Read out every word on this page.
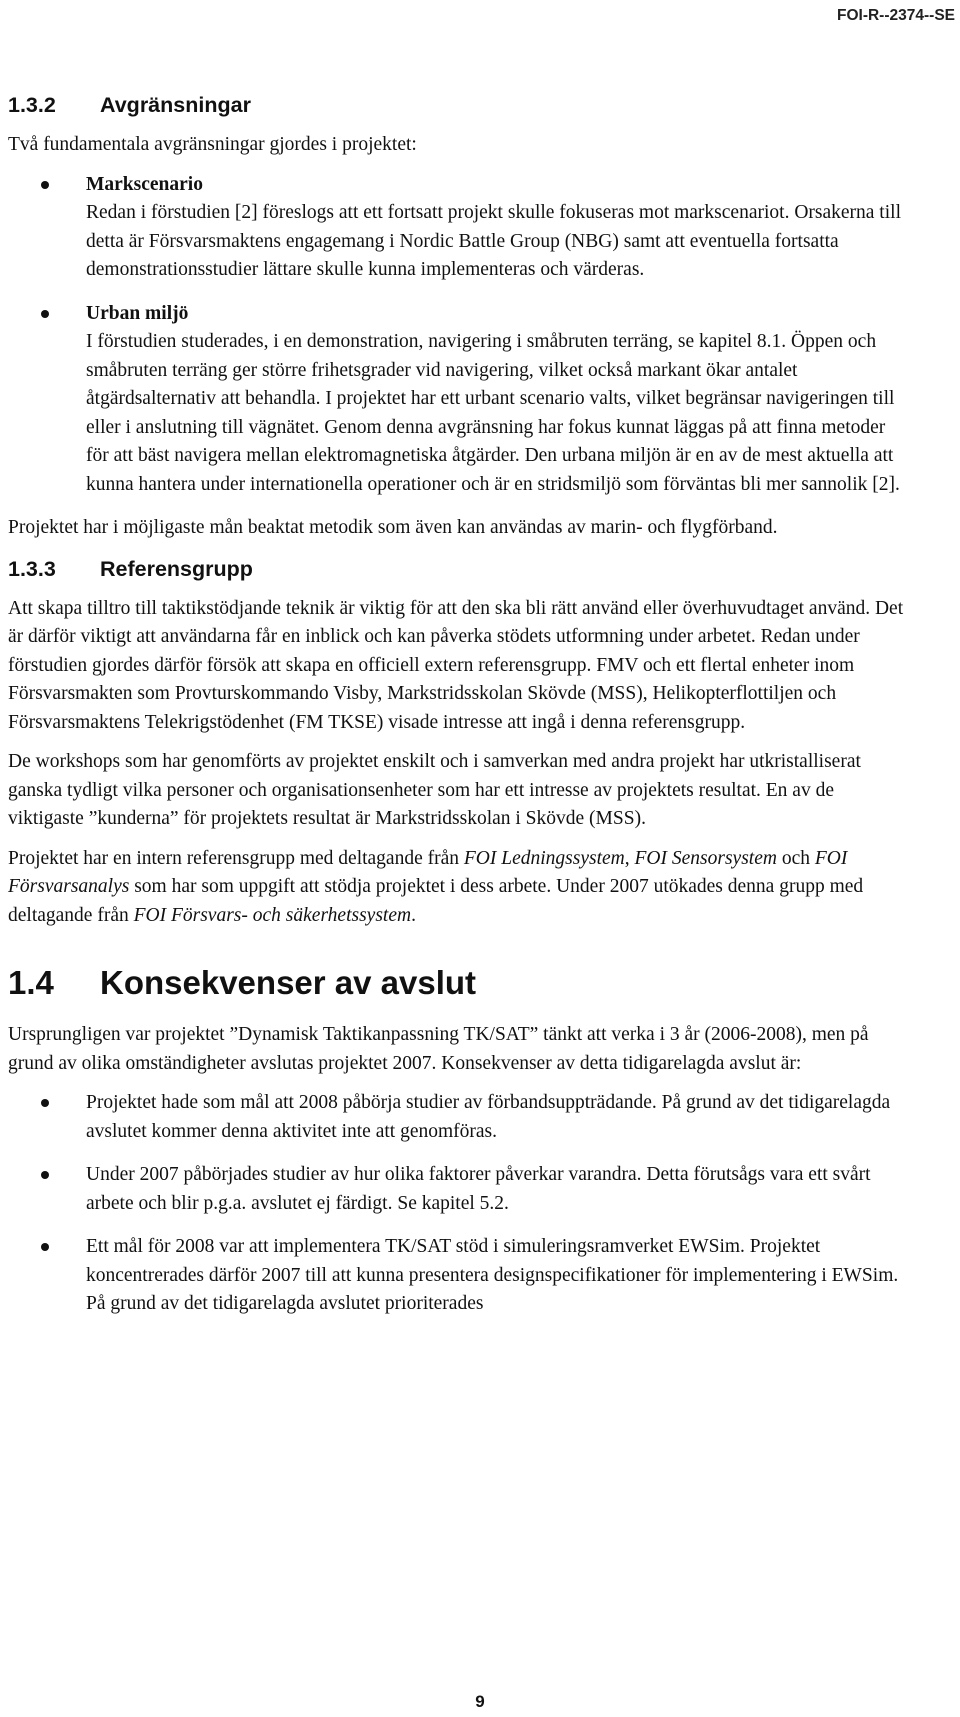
FOI-R--2374--SE
1.3.2	Avgränsningar

Två fundamentala avgränsningar gjordes i projektet:

Markscenario
Redan i förstudien [2] föreslogs att ett fortsatt projekt skulle fokuseras mot markscenariot. Orsakerna till detta är Försvarsmaktens engagemang i Nordic Battle Group (NBG) samt att eventuella fortsatta demonstrationsstudier lättare skulle kunna implementeras och värderas.
Urban miljö
I förstudien studerades, i en demonstration, navigering i småbruten terräng, se kapitel 8.1. Öppen och småbruten terräng ger större frihetsgrader vid navigering, vilket också markant ökar antalet åtgärdsalternativ att behandla. I projektet har ett urbant scenario valts, vilket begränsar navigeringen till eller i anslutning till vägnätet. Genom denna avgränsning har fokus kunnat läggas på att finna metoder för att bäst navigera mellan elektromagnetiska åtgärder. Den urbana miljön är en av de mest aktuella att kunna hantera under internationella operationer och är en stridsmiljö som förväntas bli mer sannolik [2].

Projektet har i möjligaste mån beaktat metodik som även kan användas av marin- och flygförband.

1.3.3	Referensgrupp

Att skapa tilltro till taktikstödjande teknik är viktig för att den ska bli rätt använd eller överhuvudtaget använd. Det är därför viktigt att användarna får en inblick och kan påverka stödets utformning under arbetet. Redan under förstudien gjordes därför försök att skapa en officiell extern referensgrupp. FMV och ett flertal enheter inom Försvarsmakten som Provturskommando Visby, Markstridsskolan Skövde (MSS), Helikopterflottiljen och Försvarsmaktens Telekrigstödenhet (FM TKSE) visade intresse att ingå i denna referensgrupp.

De workshops som har genomförts av projektet enskilt och i samverkan med andra projekt har utkristalliserat ganska tydligt vilka personer och organisationsenheter som har ett intresse av projektets resultat. En av de viktigaste ”kunderna” för projektets resultat är Markstridsskolan i Skövde (MSS).

Projektet har en intern referensgrupp med deltagande från FOI Ledningssystem, FOI Sensorsystem och FOI Försvarsanalys som har som uppgift att stödja projektet i dess arbete. Under 2007 utökades denna grupp med deltagande från FOI Försvars- och säkerhetssystem.

1.4	Konsekvenser av avslut

Ursprungligen var projektet ”Dynamisk Taktikanpassning TK/SAT” tänkt att verka i 3 år (2006-2008), men på grund av olika omständigheter avslutas projektet 2007. Konsekvenser av detta tidigarelagda avslut är:

Projektet hade som mål att 2008 påbörja studier av förbandsuppträdande. På grund av det tidigarelagda avslutet kommer denna aktivitet inte att genomföras.
Under 2007 påbörjades studier av hur olika faktorer påverkar varandra. Detta förutsågs vara ett svårt arbete och blir p.g.a. avslutet ej färdigt. Se kapitel 5.2.
Ett mål för 2008 var att implementera TK/SAT stöd i simuleringsramverket EWSim. Projektet koncentrerades därför 2007 till att kunna presentera designspecifikationer för implementering i EWSim. På grund av det tidigarelagda avslutet prioriterades
9
